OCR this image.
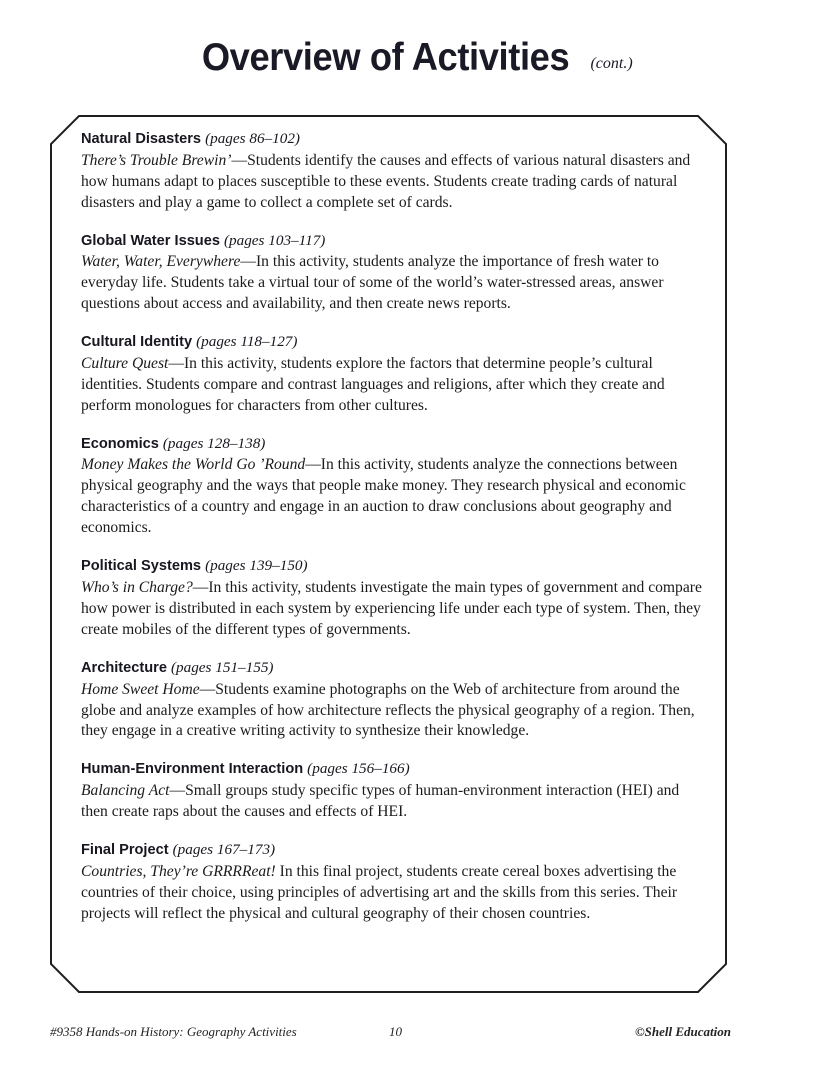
Overview of Activities (cont.)
Natural Disasters (pages 86–102)
There’s Trouble Brewin’—Students identify the causes and effects of various natural disasters and how humans adapt to places susceptible to these events. Students create trading cards of natural disasters and play a game to collect a complete set of cards.
Global Water Issues (pages 103–117)
Water, Water, Everywhere—In this activity, students analyze the importance of fresh water to everyday life. Students take a virtual tour of some of the world’s water-stressed areas, answer questions about access and availability, and then create news reports.
Cultural Identity (pages 118–127)
Culture Quest—In this activity, students explore the factors that determine people’s cultural identities. Students compare and contrast languages and religions, after which they create and perform monologues for characters from other cultures.
Economics (pages 128–138)
Money Makes the World Go ’Round—In this activity, students analyze the connections between physical geography and the ways that people make money. They research physical and economic characteristics of a country and engage in an auction to draw conclusions about geography and economics.
Political Systems (pages 139–150)
Who’s in Charge?—In this activity, students investigate the main types of government and compare how power is distributed in each system by experiencing life under each type of system. Then, they create mobiles of the different types of governments.
Architecture (pages 151–155)
Home Sweet Home—Students examine photographs on the Web of architecture from around the globe and analyze examples of how architecture reflects the physical geography of a region. Then, they engage in a creative writing activity to synthesize their knowledge.
Human-Environment Interaction (pages 156–166)
Balancing Act—Small groups study specific types of human-environment interaction (HEI) and then create raps about the causes and effects of HEI.
Final Project (pages 167–173)
Countries, They’re GRRRReat! In this final project, students create cereal boxes advertising the countries of their choice, using principles of advertising art and the skills from this series. Their projects will reflect the physical and cultural geography of their chosen countries.
#9358 Hands-on History: Geography Activities	10	©Shell Education
